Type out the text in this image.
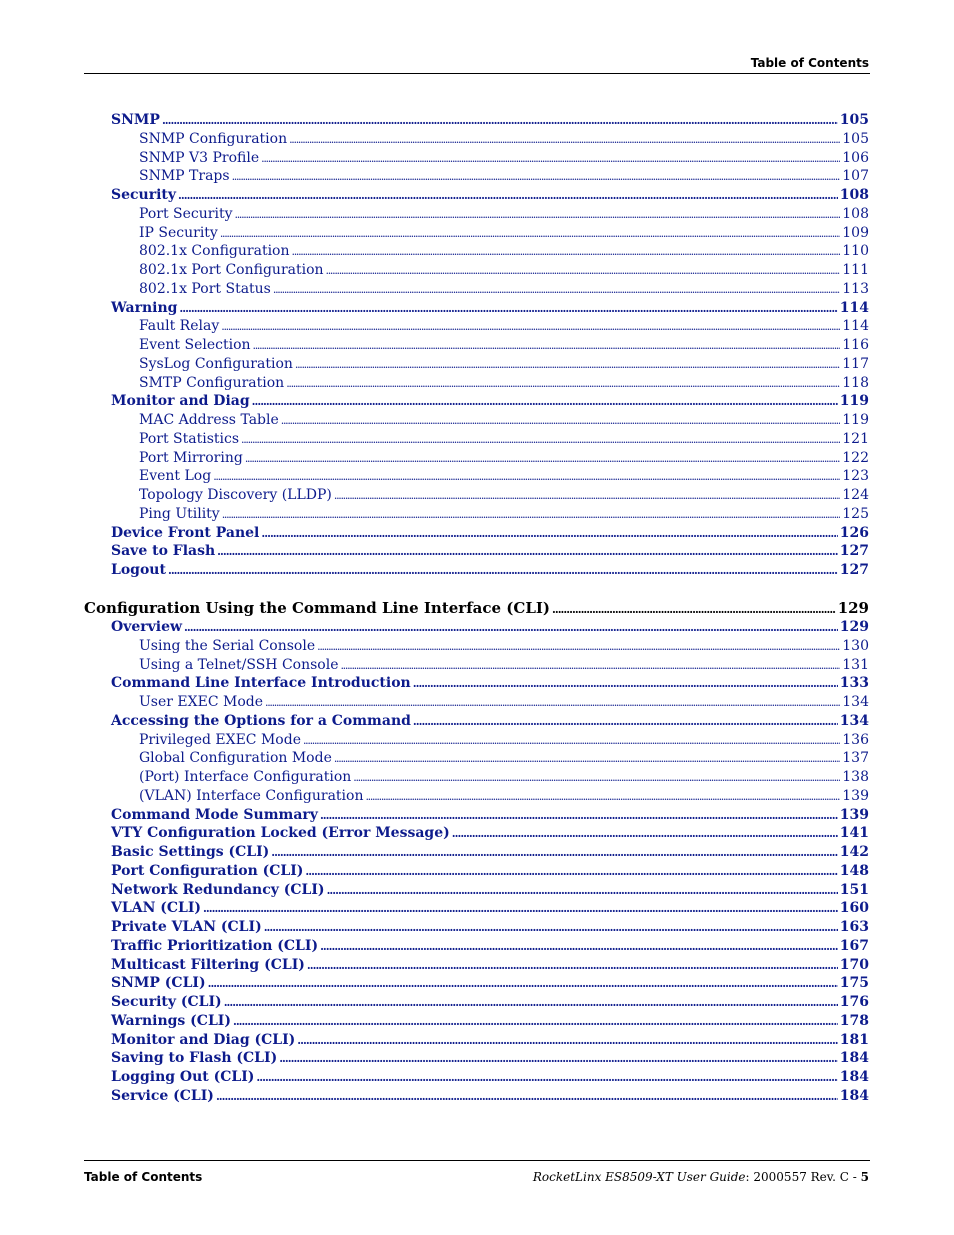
Table of Contents
SNMP . . .	105
SNMP Configuration . . .	105
SNMP V3 Profile . . .	106
SNMP Traps . . .	107
Security . . .	108
Port Security . . .	108
IP Security . . .	109
802.1x Configuration . . .	110
802.1x Port Configuration . . .	111
802.1x Port Status . . .	113
Warning . . .	114
Fault Relay . . .	114
Event Selection . . .	116
SysLog Configuration . . .	117
SMTP Configuration . . .	118
Monitor and Diag . . .	119
MAC Address Table . . .	119
Port Statistics . . .	121
Port Mirroring . . .	122
Event Log . . .	123
Topology Discovery (LLDP) . . .	124
Ping Utility . . .	125
Device Front Panel . . .	126
Save to Flash . . .	127
Logout . . .	127
Configuration Using the Command Line Interface (CLI) . . .	129
Overview . . .	129
Using the Serial Console . . .	130
Using a Telnet/SSH Console . . .	131
Command Line Interface Introduction . . .	133
User EXEC Mode . . .	134
Accessing the Options for a Command . . .	134
Privileged EXEC Mode . . .	136
Global Configuration Mode . . .	137
(Port) Interface Configuration . . .	138
(VLAN) Interface Configuration . . .	139
Command Mode Summary . . .	139
VTY Configuration Locked (Error Message) . . .	141
Basic Settings (CLI) . . .	142
Port Configuration (CLI) . . .	148
Network Redundancy (CLI) . . .	151
VLAN (CLI) . . .	160
Private VLAN (CLI) . . .	163
Traffic Prioritization (CLI) . . .	167
Multicast Filtering (CLI) . . .	170
SNMP (CLI) . . .	175
Security (CLI) . . .	176
Warnings (CLI) . . .	178
Monitor and Diag (CLI) . . .	181
Saving to Flash (CLI) . . .	184
Logging Out (CLI) . . .	184
Service (CLI) . . .	184
Table of Contents	RocketLinx ES8509-XT User Guide: 2000557 Rev. C - 5
